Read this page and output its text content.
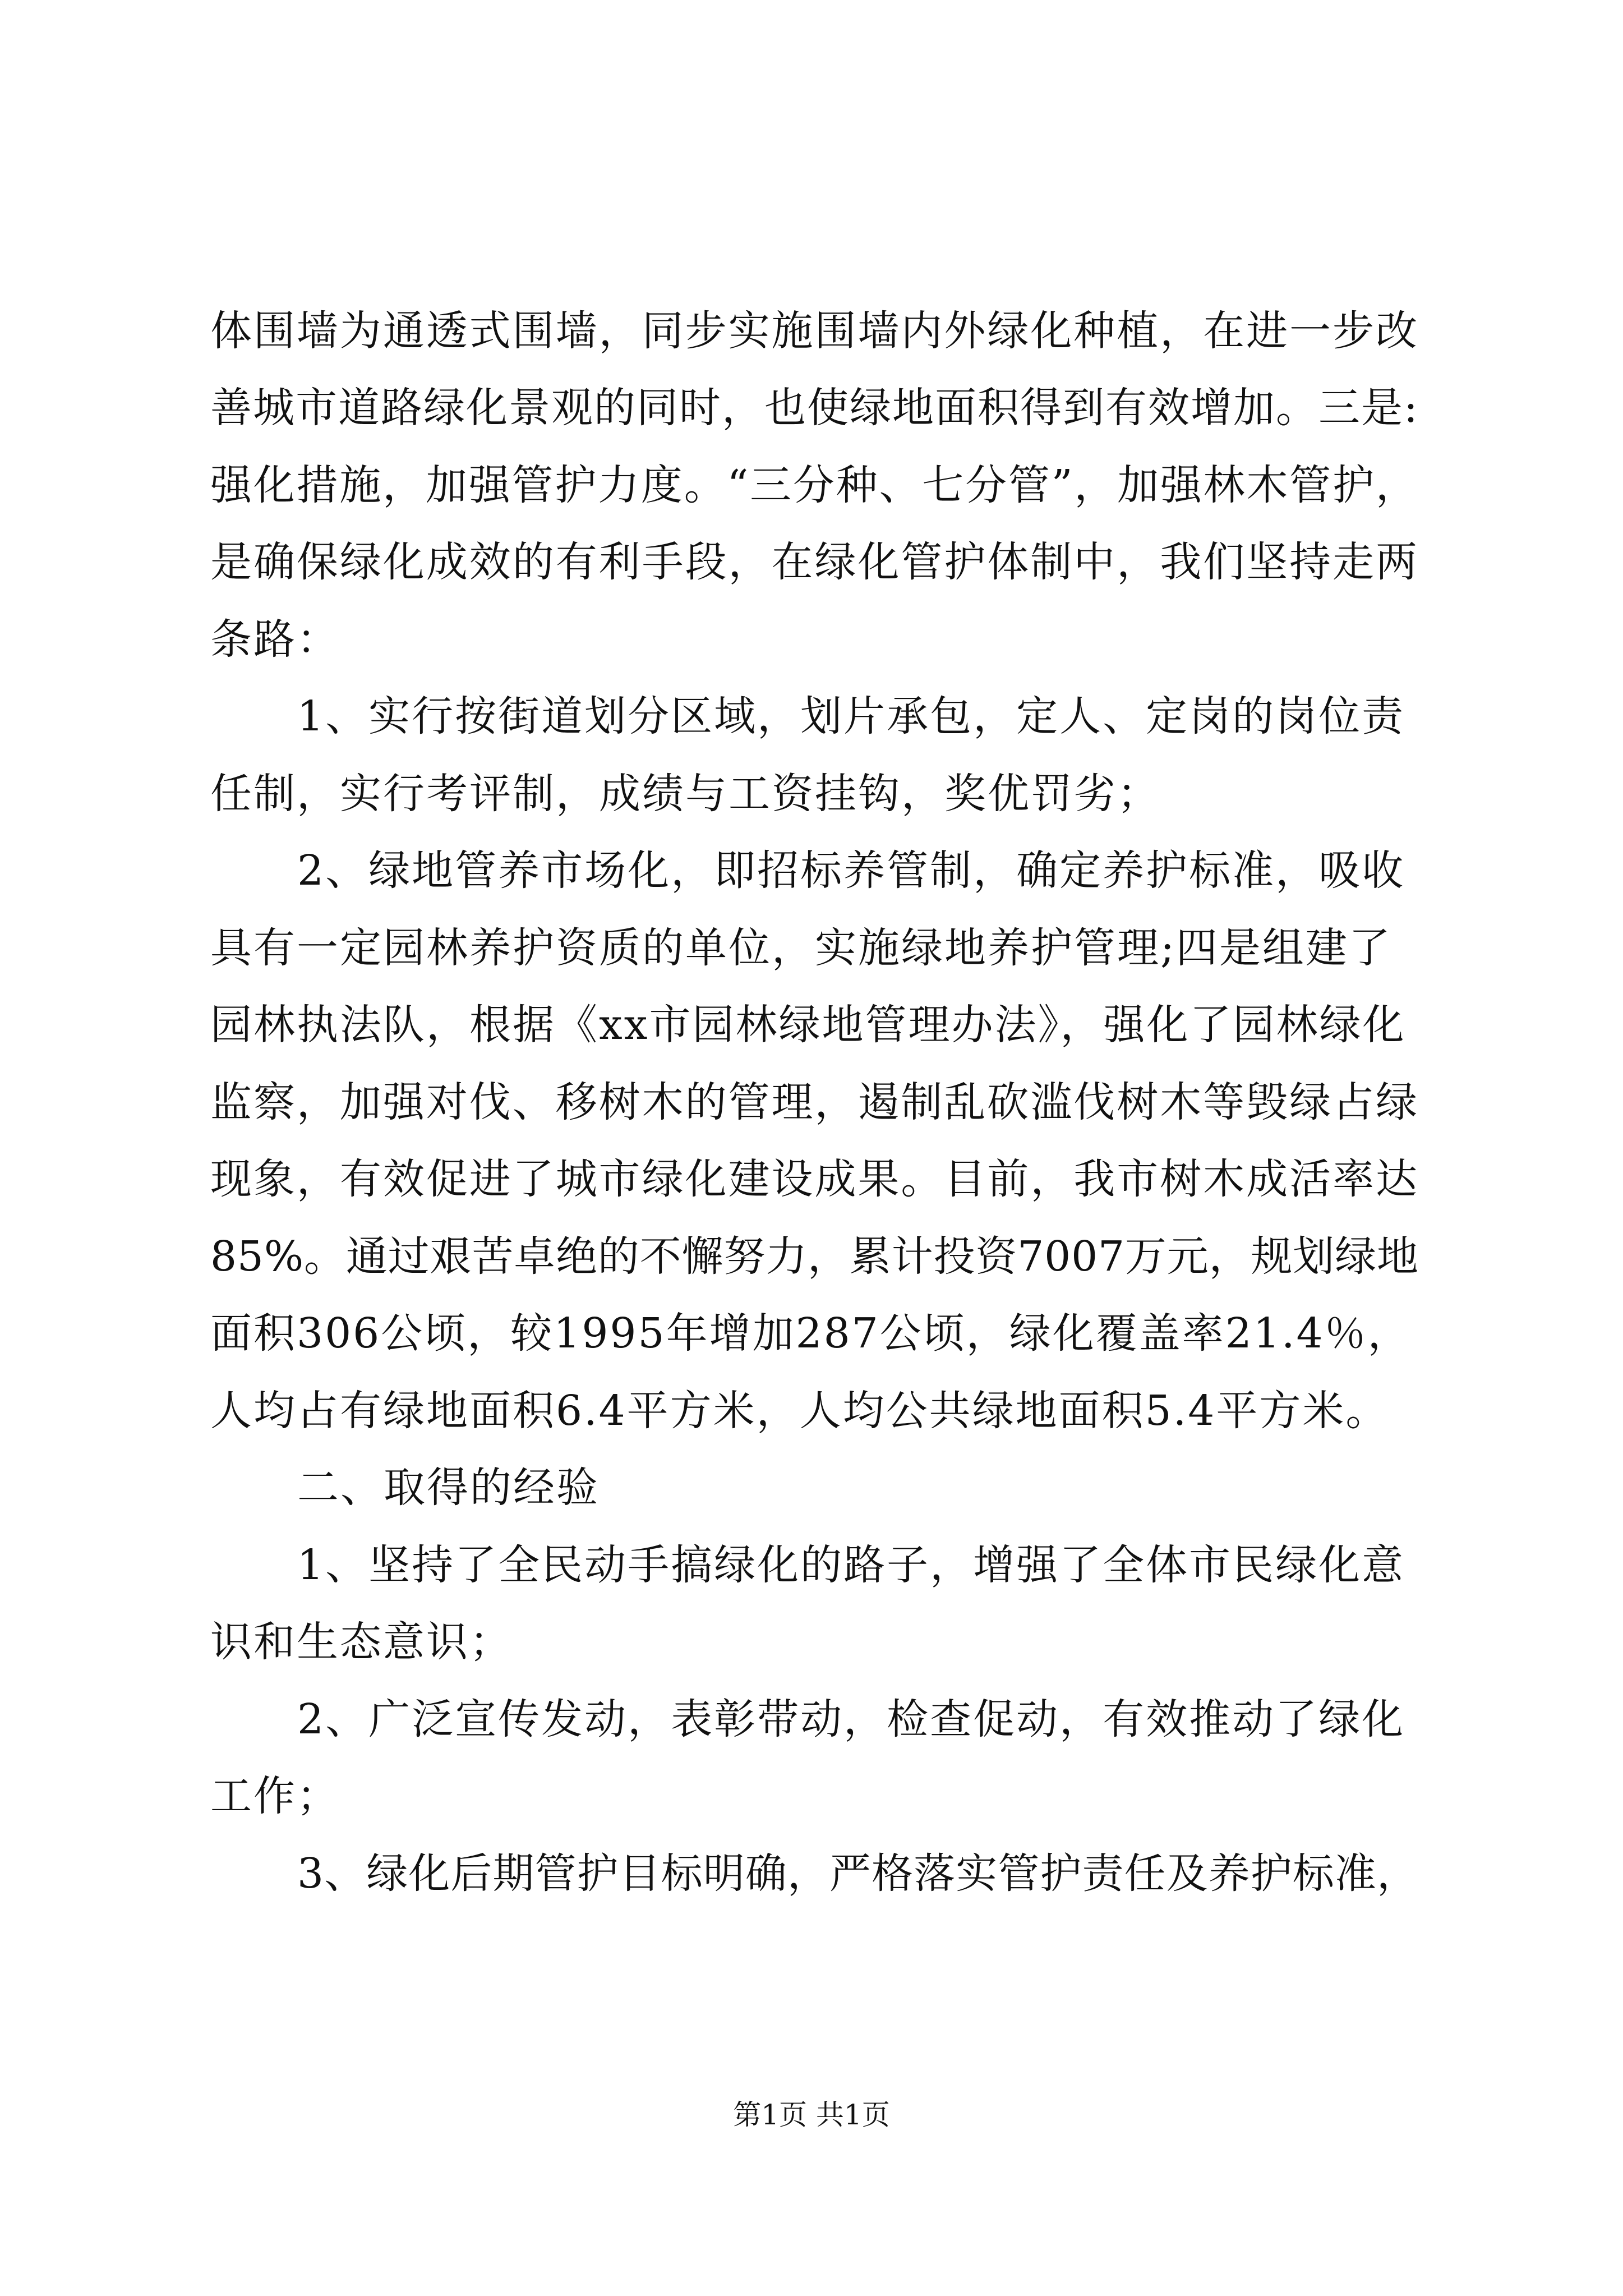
体围墙为通透式围墙，同步实施围墙内外绿化种植，在进一步改
善城市道路绿化景观的同时，也使绿地面积得到有效增加。三是:
强化措施，加强管护力度。“三分种、七分管”，加强林木管护，
是确保绿化成效的有利手段，在绿化管护体制中，我们坚持走两
条路：
1、实行按街道划分区域，划片承包，定人、定岗的岗位责
任制，实行考评制，成绩与工资挂钩，奖优罚劣；
2、绿地管养市场化，即招标养管制，确定养护标准，吸收
具有一定园林养护资质的单位，实施绿地养护管理;四是组建了
园林执法队，根据《xx市园林绿地管理办法》，强化了园林绿化
监察，加强对伐、移树木的管理，遏制乱砍滥伐树木等毁绿占绿
现象，有效促进了城市绿化建设成果。目前，我市树木成活率达
85%。通过艰苦卓绝的不懈努力，累计投资7007万元，规划绿地
面积306公顷，较1995年增加287公顷，绿化覆盖率21.4％，
人均占有绿地面积6.4平方米，人均公共绿地面积5.4平方米。
二、取得的经验
1、坚持了全民动手搞绿化的路子，增强了全体市民绿化意
识和生态意识；
2、广泛宣传发动，表彰带动，检查促动，有效推动了绿化
工作；
3、绿化后期管护目标明确，严格落实管护责任及养护标准，
第1页 共1页
